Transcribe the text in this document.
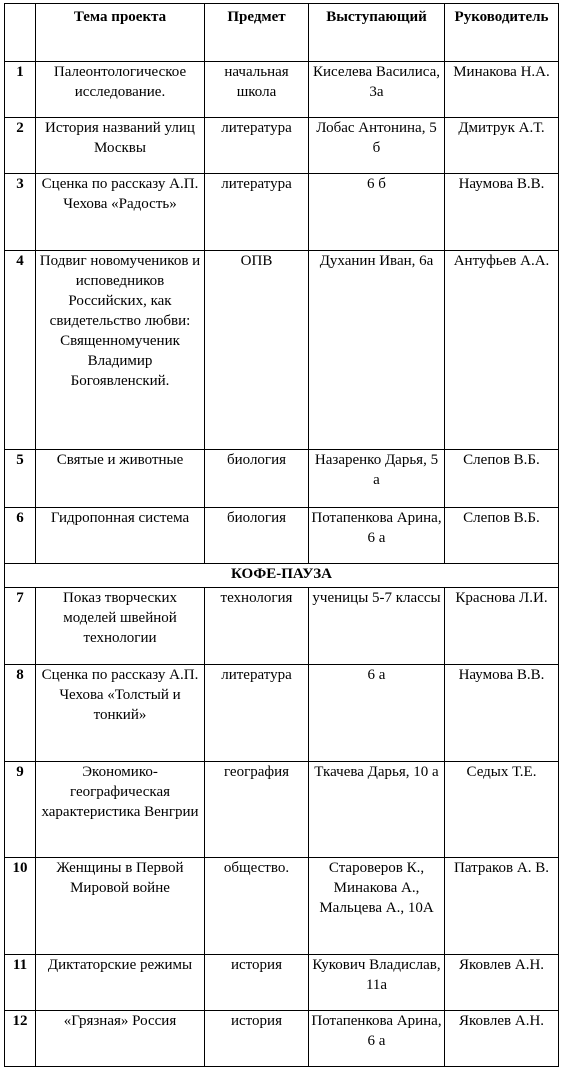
	Тема проекта	Предмет	Выступающий	Руководитель
1	Палеонтологическое исследование.	начальная школа	Киселева Василиса, 3а	Минакова Н.А.
2	История названий улиц Москвы	литература	Лобас Антонина, 5 б	Дмитрук А.Т.
3	Сценка по рассказу А.П. Чехова «Радость»	литература	6 б	Наумова В.В.
4	Подвиг новомучеников и исповедников Российских, как свидетельство любви: Священномученик Владимир Богоявленский.	ОПВ	Духанин Иван, 6а	Антуфьев А.А.
5	Святые и животные	биология	Назаренко Дарья, 5 а	Слепов В.Б.
6	Гидропонная система	биология	Потапенкова Арина, 6 а	Слепов В.Б.
КОФЕ-ПАУЗА				
7	Показ творческих моделей швейной технологии	технология	ученицы 5-7 классы	Краснова Л.И.
8	Сценка по рассказу А.П. Чехова «Толстый и тонкий»	литература	6 а	Наумова В.В.
9	Экономико-географическая характеристика Венгрии	география	Ткачева Дарья, 10 а	Седых Т.Е.
10	Женщины в Первой Мировой войне	общество.	Староверов К., Минакова А., Мальцева А., 10А	Патраков А. В.
11	Диктаторские режимы	история	Кукович Владислав, 11а	Яковлев А.Н.
12	«Грязная» Россия	история	Потапенкова Арина, 6 а	Яковлев А.Н.
